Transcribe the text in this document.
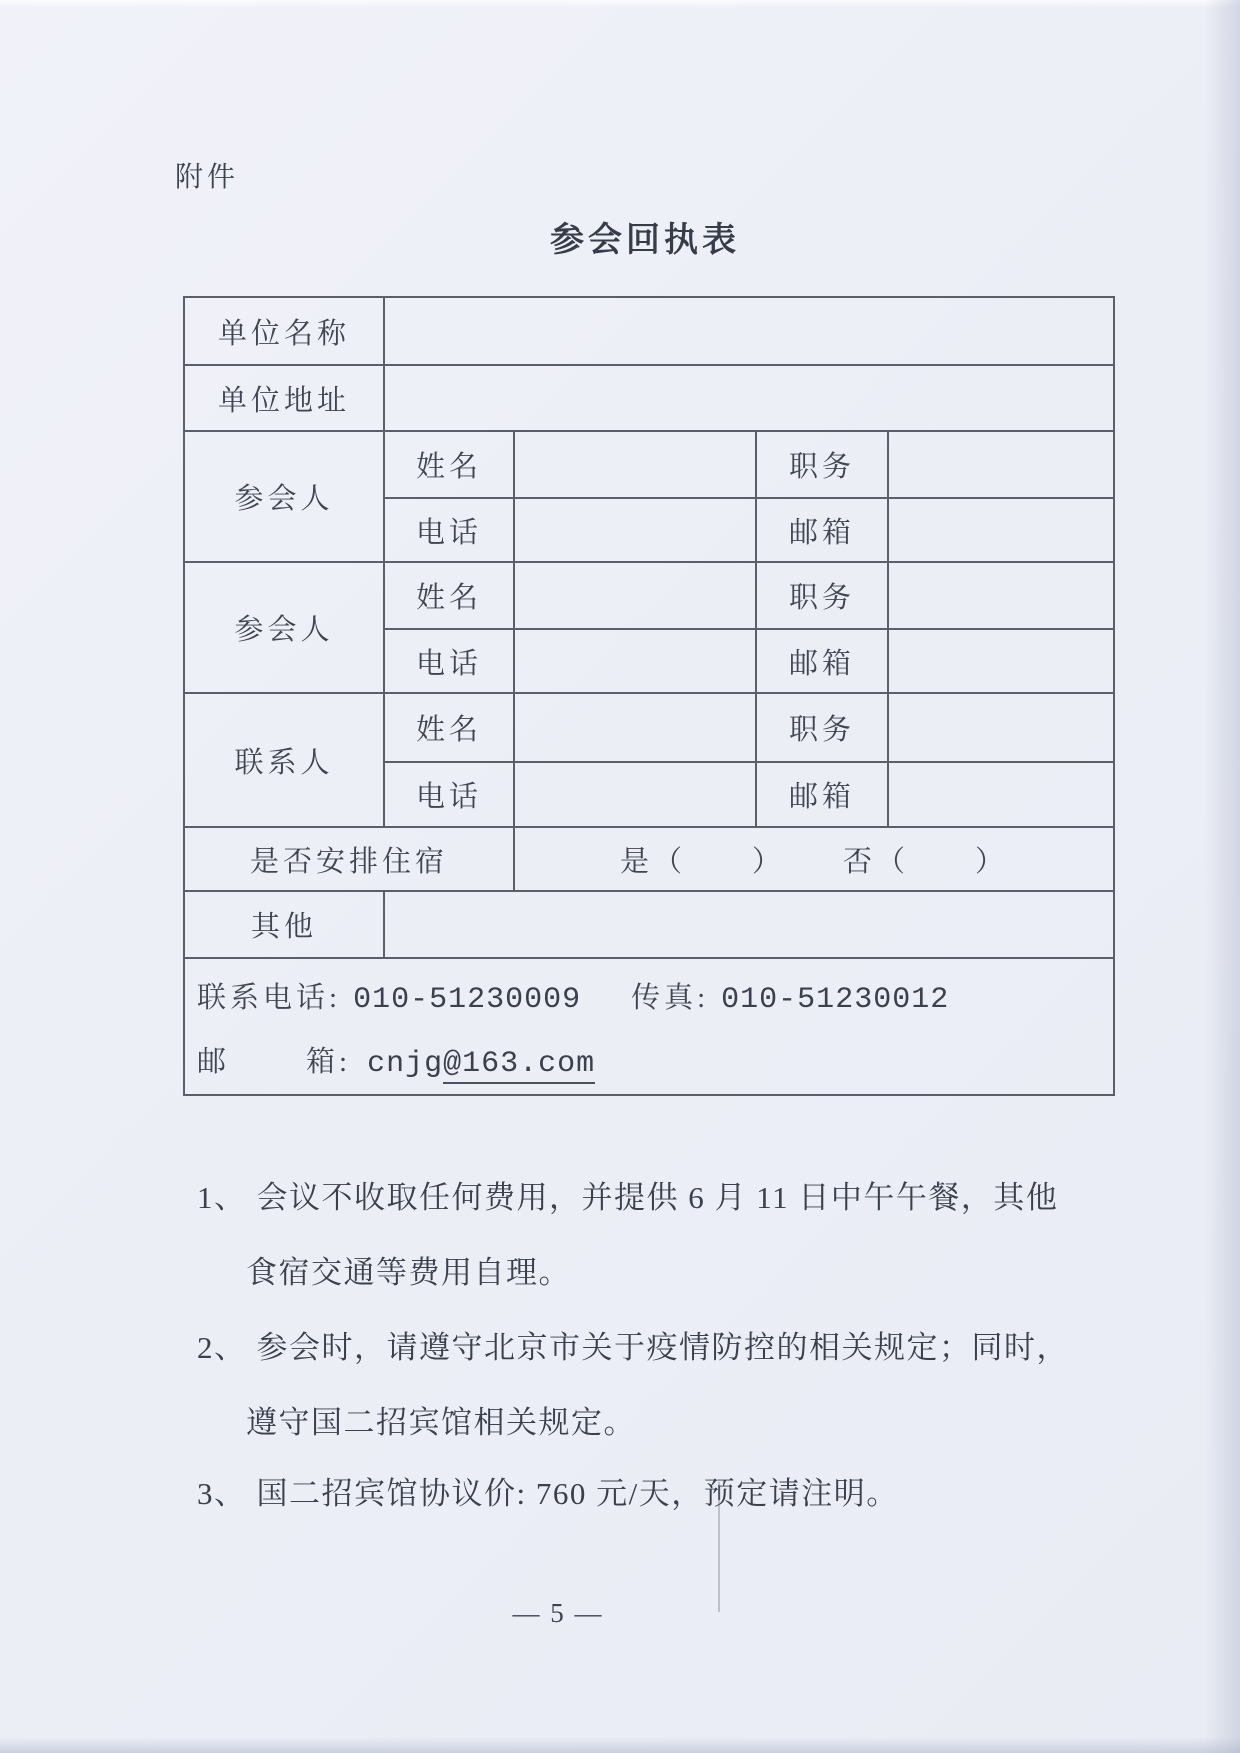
附件
参会回执表
单位名称				
单位地址				
参会人	姓名		职务	
	电话		邮箱	
参会人	姓名		职务	
	电话		邮箱	
联系人	姓名		职务	
	电话		邮箱	
是否安排住宿		是（　　） 否（　　）		
其他				

联系电话: 010-51230009 传真: 010-51230012
邮 箱: cnjg@163.com				
1、 会议不收取任何费用，并提供 6 月 11 日中午午餐，其他
食宿交通等费用自理。
2、 参会时，请遵守北京市关于疫情防控的相关规定；同时，
遵守国二招宾馆相关规定。
3、 国二招宾馆协议价: 760 元/天，预定请注明。
— 5 —
